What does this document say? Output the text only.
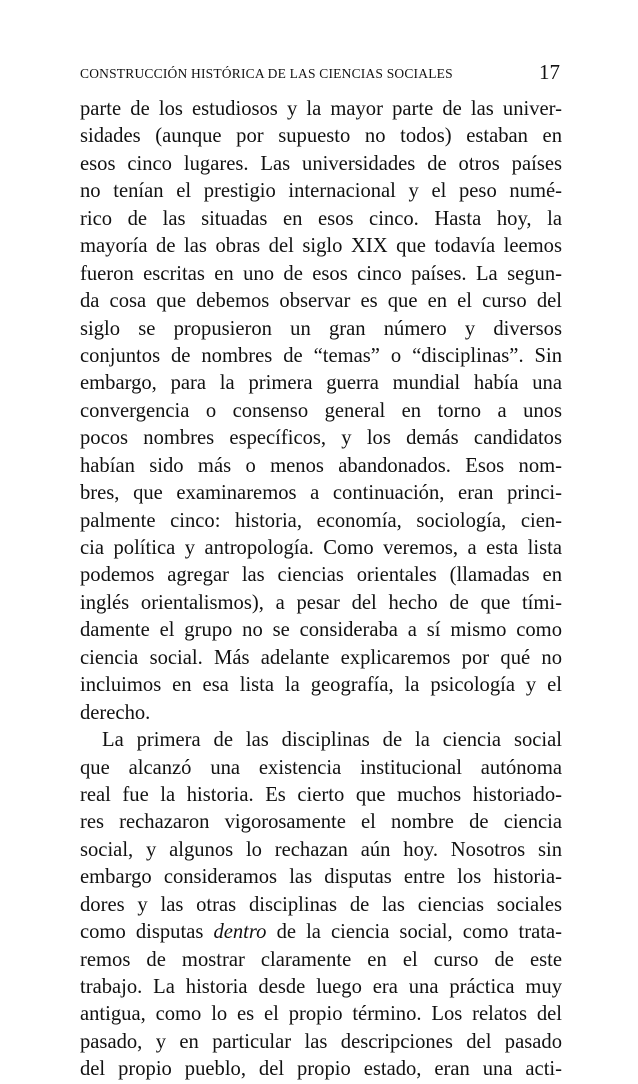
CONSTRUCCIÓN HISTÓRICA DE LAS CIENCIAS SOCIALES	17
parte de los estudiosos y la mayor parte de las univer-
sidades (aunque por supuesto no todos) estaban en
esos cinco lugares. Las universidades de otros países
no tenían el prestigio internacional y el peso numé-
rico de las situadas en esos cinco. Hasta hoy, la
mayoría de las obras del siglo XIX que todavía leemos
fueron escritas en uno de esos cinco países. La segun-
da cosa que debemos observar es que en el curso del
siglo se propusieron un gran número y diversos
conjuntos de nombres de “temas” o “disciplinas”. Sin
embargo, para la primera guerra mundial había una
convergencia o consenso general en torno a unos
pocos nombres específicos, y los demás candidatos
habían sido más o menos abandonados. Esos nom-
bres, que examinaremos a continuación, eran princi-
palmente cinco: historia, economía, sociología, cien-
cia política y antropología. Como veremos, a esta lista
podemos agregar las ciencias orientales (llamadas en
inglés orientalismos), a pesar del hecho de que tími-
damente el grupo no se consideraba a sí mismo como
ciencia social. Más adelante explicaremos por qué no
incluimos en esa lista la geografía, la psicología y el
derecho.
La primera de las disciplinas de la ciencia social
que alcanzó una existencia institucional autónoma
real fue la historia. Es cierto que muchos historiado-
res rechazaron vigorosamente el nombre de ciencia
social, y algunos lo rechazan aún hoy. Nosotros sin
embargo consideramos las disputas entre los historia-
dores y las otras disciplinas de las ciencias sociales
como disputas dentro de la ciencia social, como trata-
remos de mostrar claramente en el curso de este
trabajo. La historia desde luego era una práctica muy
antigua, como lo es el propio término. Los relatos del
pasado, y en particular las descripciones del pasado
del propio pueblo, del propio estado, eran una acti-
